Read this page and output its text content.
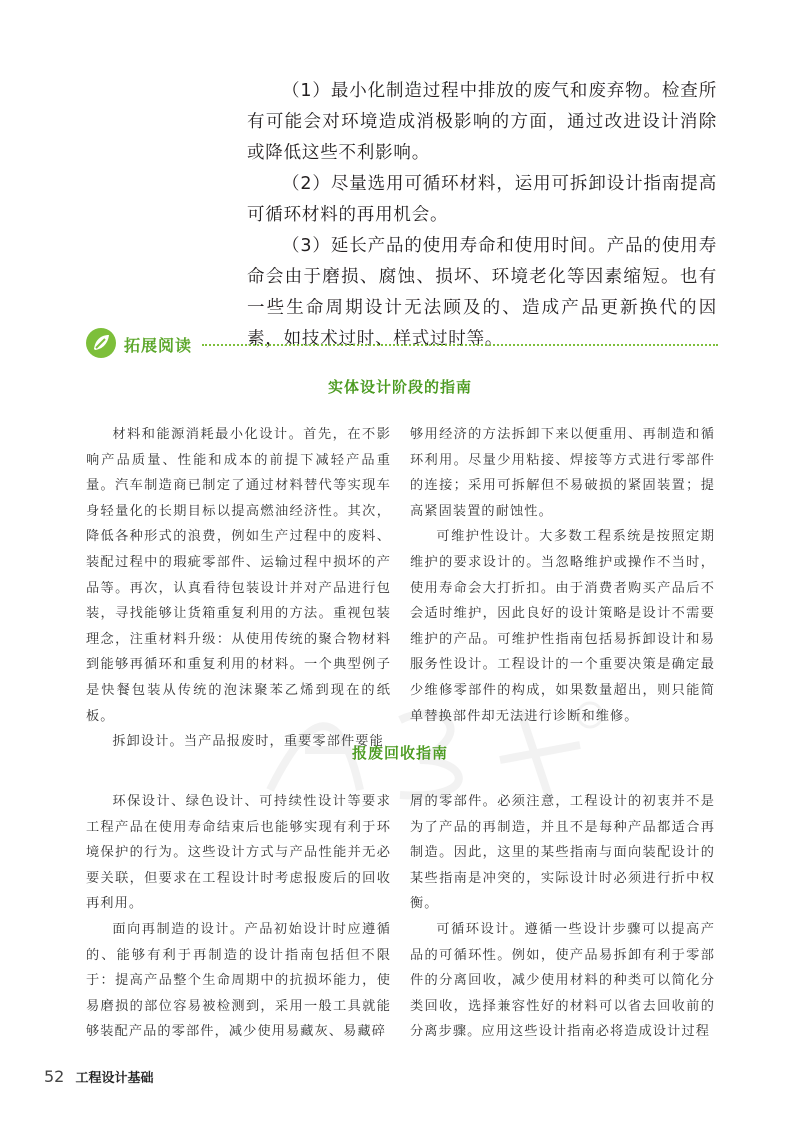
（1）最小化制造过程中排放的废气和废弃物。检查所有可能会对环境造成消极影响的方面，通过改进设计消除或降低这些不利影响。

（2）尽量选用可循环材料，运用可拆卸设计指南提高可循环材料的再用机会。

（3）延长产品的使用寿命和使用时间。产品的使用寿命会由于磨损、腐蚀、损坏、环境老化等因素缩短。也有一些生命周期设计无法顾及的、造成产品更新换代的因素，如技术过时、样式过时等。

拓展阅读
实体设计阶段的指南

材料和能源消耗最小化设计。首先，在不影响产品质量、性能和成本的前提下减轻产品重量。汽车制造商已制定了通过材料替代等实现车身轻量化的长期目标以提高燃油经济性。其次，降低各种形式的浪费，例如生产过程中的废料、装配过程中的瑕疵零部件、运输过程中损坏的产品等。再次，认真看待包装设计并对产品进行包装，寻找能够让货箱重复利用的方法。重视包装理念，注重材料升级：从使用传统的聚合物材料到能够再循环和重复利用的材料。一个典型例子是快餐包装从传统的泡沫聚苯乙烯到现在的纸板。

拆卸设计。当产品报废时，重要零部件要能

够用经济的方法拆卸下来以便重用、再制造和循环利用。尽量少用粘接、焊接等方式进行零部件的连接；采用可拆解但不易破损的紧固装置；提高紧固装置的耐蚀性。

可维护性设计。大多数工程系统是按照定期维护的要求设计的。当忽略维护或操作不当时，使用寿命会大打折扣。由于消费者购买产品后不会适时维护，因此良好的设计策略是设计不需要维护的产品。可维护性指南包括易拆卸设计和易服务性设计。工程设计的一个重要决策是确定最少维修零部件的构成，如果数量超出，则只能简单替换部件却无法进行诊断和维修。

报废回收指南

环保设计、绿色设计、可持续性设计等要求工程产品在使用寿命结束后也能够实现有利于环境保护的行为。这些设计方式与产品性能并无必要关联，但要求在工程设计时考虑报废后的回收再利用。

面向再制造的设计。产品初始设计时应遵循的、能够有利于再制造的设计指南包括但不限于：提高产品整个生命周期中的抗损坏能力，使易磨损的部位容易被检测到，采用一般工具就能够装配产品的零部件，减少使用易藏灰、易藏碎

屑的零部件。必须注意，工程设计的初衷并不是为了产品的再制造，并且不是每种产品都适合再制造。因此，这里的某些指南与面向装配设计的某些指南是冲突的，实际设计时必须进行折中权衡。

可循环设计。遵循一些设计步骤可以提高产品的可循环性。例如，使产品易拆卸有利于零部件的分离回收，减少使用材料的种类可以简化分类回收，选择兼容性好的材料可以省去回收前的分离步骤。应用这些设计指南必将造成设计过程

52 工程设计基础
